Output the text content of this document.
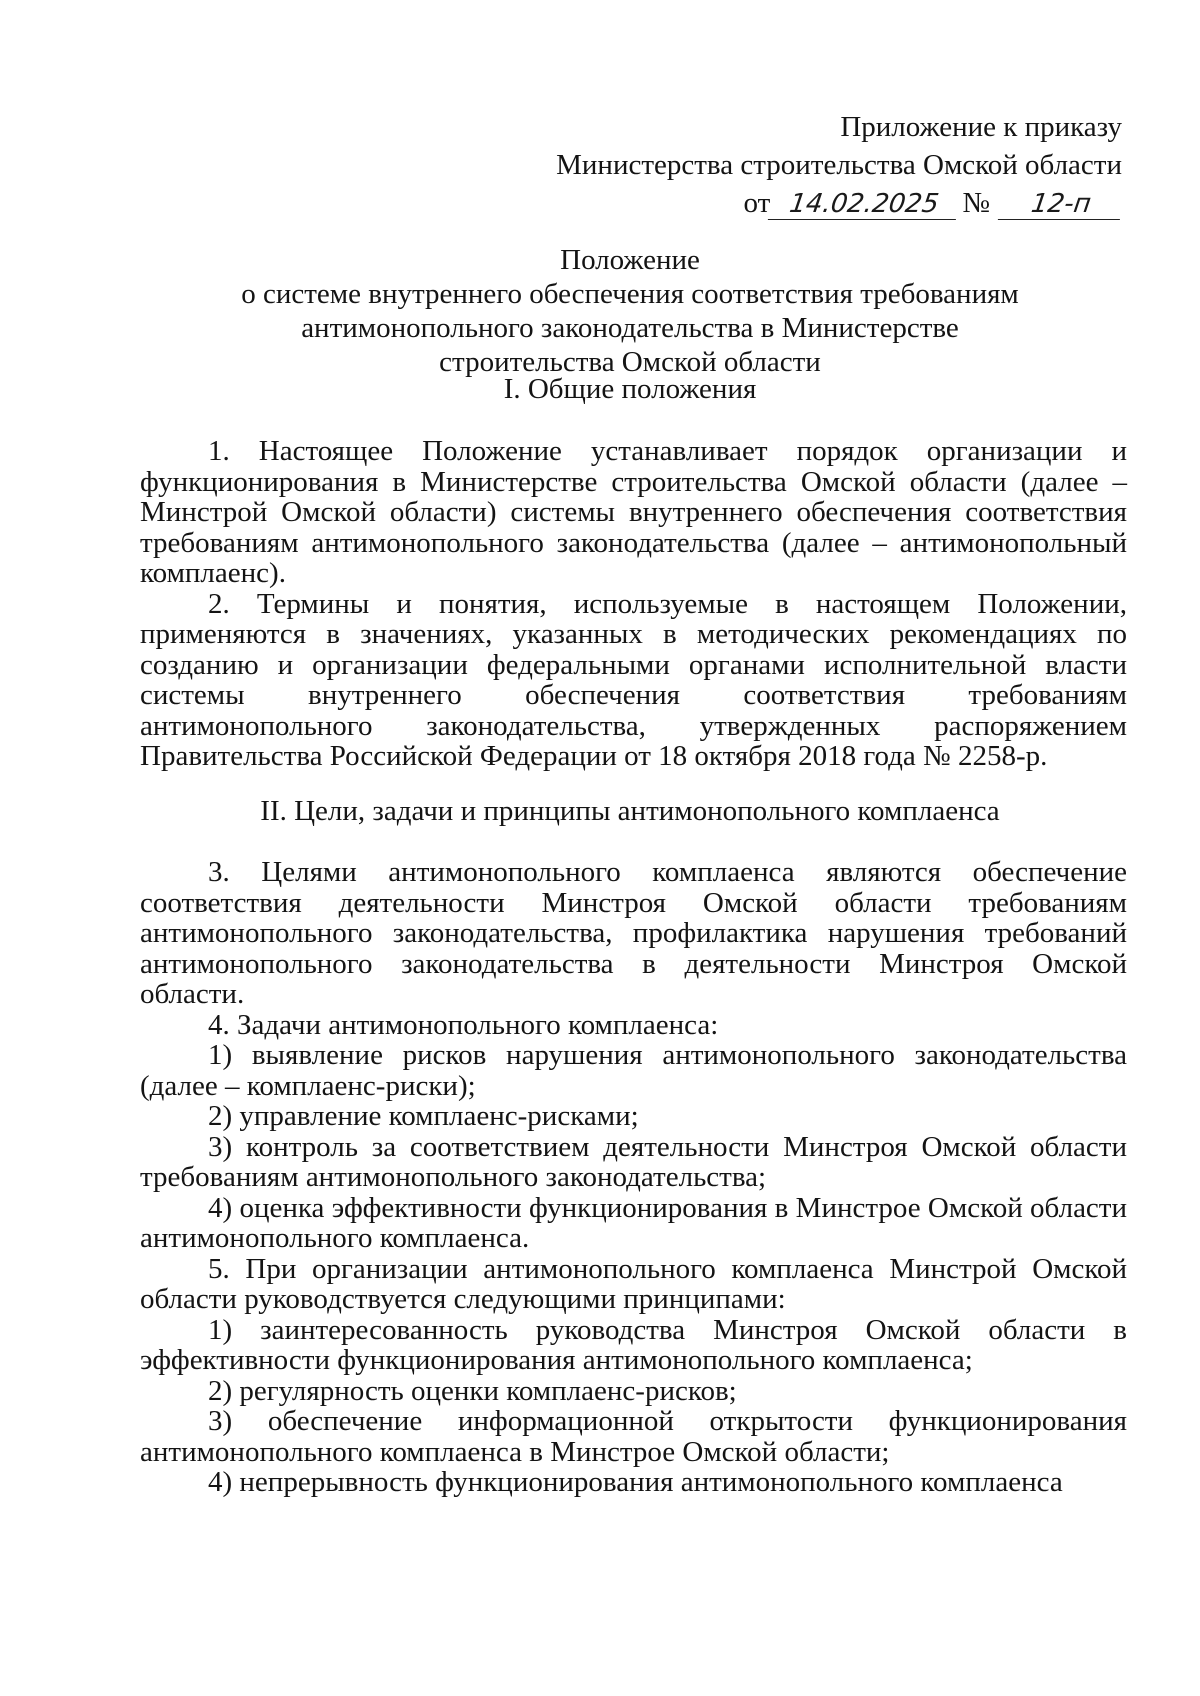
Приложение к приказу
Министерства строительства Омской области
от 14.02.2025 № 12-п
Положение
о системе внутреннего обеспечения соответствия требованиям
антимонопольного законодательства в Министерстве
строительства Омской области
I. Общие положения

1. Настоящее Положение устанавливает порядок организации и функционирования в Министерстве строительства Омской области (далее – Минстрой Омской области) системы внутреннего обеспечения соответствия требованиям антимонопольного законодательства (далее – антимонопольный комплаенс).

2. Термины и понятия, используемые в настоящем Положении, применяются в значениях, указанных в методических рекомендациях по созданию и организации федеральными органами исполнительной власти системы внутреннего обеспечения соответствия требованиям антимонопольного законодательства, утвержденных распоряжением Правительства Российской Федерации от 18 октября 2018 года № 2258-р.

II. Цели, задачи и принципы антимонопольного комплаенса

3. Целями антимонопольного комплаенса являются обеспечение соответствия деятельности Минстроя Омской области требованиям антимонопольного законодательства, профилактика нарушения требований антимонопольного законодательства в деятельности Минстроя Омской области.

4. Задачи антимонопольного комплаенса:

1) выявление рисков нарушения антимонопольного законодательства (далее – комплаенс-риски);

2) управление комплаенс-рисками;

3) контроль за соответствием деятельности Минстроя Омской области требованиям антимонопольного законодательства;

4) оценка эффективности функционирования в Минстрое Омской области антимонопольного комплаенса.

5. При организации антимонопольного комплаенса Минстрой Омской области руководствуется следующими принципами:

1) заинтересованность руководства Минстроя Омской области в эффективности функционирования антимонопольного комплаенса;

2) регулярность оценки комплаенс-рисков;

3) обеспечение информационной открытости функционирования антимонопольного комплаенса в Минстрое Омской области;

4) непрерывность функционирования антимонопольного комплаенса
